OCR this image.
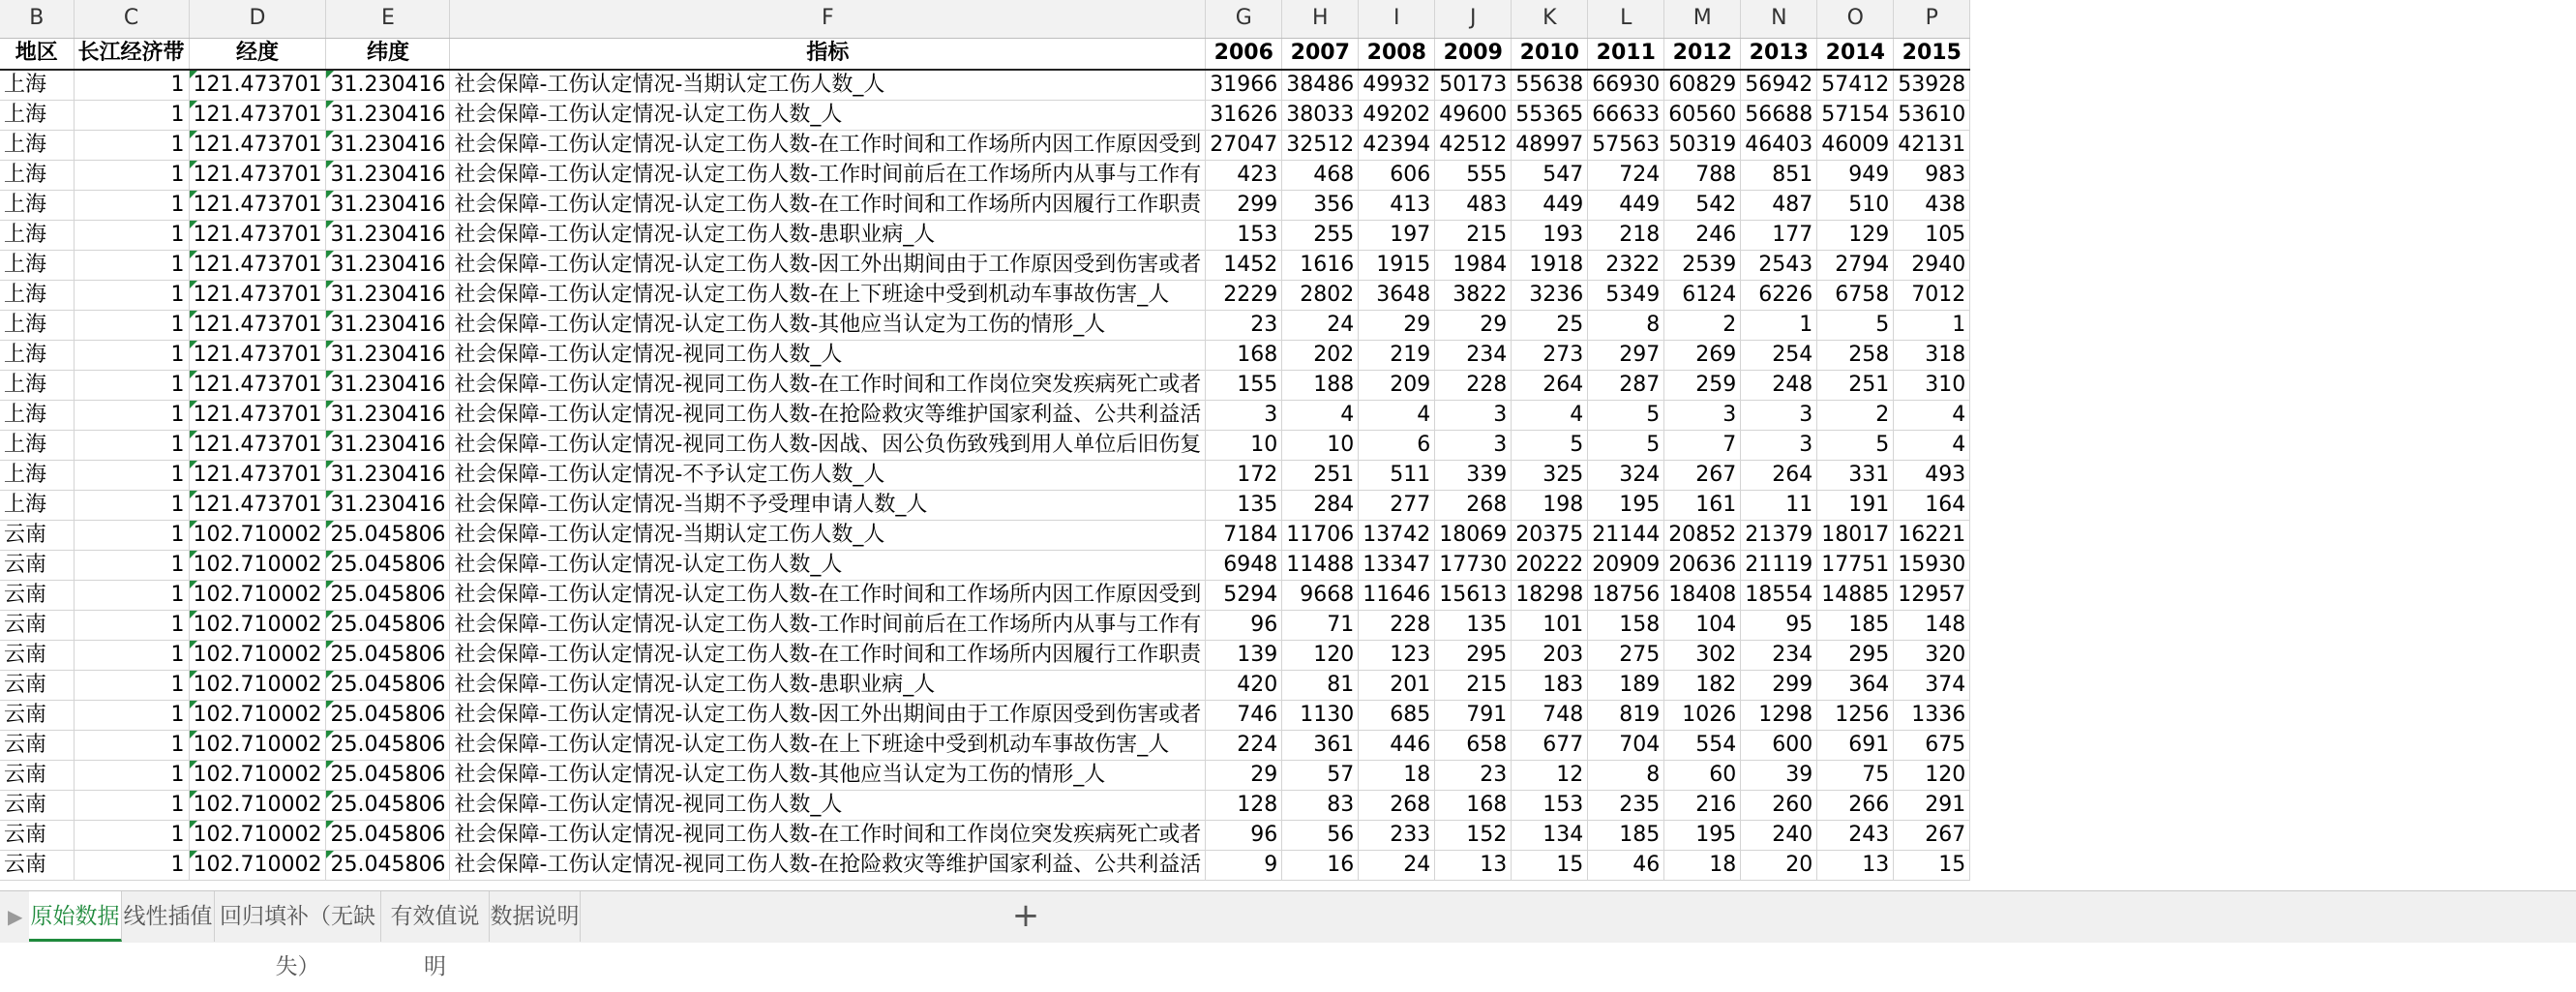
B	C	D	E	F	G	H	I	J	K	L	M	N	O	P
地区	长江经济带	经度	纬度	指标	2006	2007	2008	2009	2010	2011	2012	2013	2014	2015
上海	1	121.473701	31.230416	社会保障-工伤认定情况-当期认定工伤人数_人	31966	38486	49932	50173	55638	66930	60829	56942	57412	53928
上海	1	121.473701	31.230416	社会保障-工伤认定情况-认定工伤人数_人	31626	38033	49202	49600	55365	66633	60560	56688	57154	53610
上海	1	121.473701	31.230416	社会保障-工伤认定情况-认定工伤人数-在工作时间和工作场所内因工作原因受到	27047	32512	42394	42512	48997	57563	50319	46403	46009	42131
上海	1	121.473701	31.230416	社会保障-工伤认定情况-认定工伤人数-工作时间前后在工作场所内从事与工作有	423	468	606	555	547	724	788	851	949	983
上海	1	121.473701	31.230416	社会保障-工伤认定情况-认定工伤人数-在工作时间和工作场所内因履行工作职责	299	356	413	483	449	449	542	487	510	438
上海	1	121.473701	31.230416	社会保障-工伤认定情况-认定工伤人数-患职业病_人	153	255	197	215	193	218	246	177	129	105
上海	1	121.473701	31.230416	社会保障-工伤认定情况-认定工伤人数-因工外出期间由于工作原因受到伤害或者	1452	1616	1915	1984	1918	2322	2539	2543	2794	2940
上海	1	121.473701	31.230416	社会保障-工伤认定情况-认定工伤人数-在上下班途中受到机动车事故伤害_人	2229	2802	3648	3822	3236	5349	6124	6226	6758	7012
上海	1	121.473701	31.230416	社会保障-工伤认定情况-认定工伤人数-其他应当认定为工伤的情形_人	23	24	29	29	25	8	2	1	5	1
上海	1	121.473701	31.230416	社会保障-工伤认定情况-视同工伤人数_人	168	202	219	234	273	297	269	254	258	318
上海	1	121.473701	31.230416	社会保障-工伤认定情况-视同工伤人数-在工作时间和工作岗位突发疾病死亡或者	155	188	209	228	264	287	259	248	251	310
上海	1	121.473701	31.230416	社会保障-工伤认定情况-视同工伤人数-在抢险救灾等维护国家利益、公共利益活	3	4	4	3	4	5	3	3	2	4
上海	1	121.473701	31.230416	社会保障-工伤认定情况-视同工伤人数-因战、因公负伤致残到用人单位后旧伤复	10	10	6	3	5	5	7	3	5	4
上海	1	121.473701	31.230416	社会保障-工伤认定情况-不予认定工伤人数_人	172	251	511	339	325	324	267	264	331	493
上海	1	121.473701	31.230416	社会保障-工伤认定情况-当期不予受理申请人数_人	135	284	277	268	198	195	161	11	191	164
云南	1	102.710002	25.045806	社会保障-工伤认定情况-当期认定工伤人数_人	7184	11706	13742	18069	20375	21144	20852	21379	18017	16221
云南	1	102.710002	25.045806	社会保障-工伤认定情况-认定工伤人数_人	6948	11488	13347	17730	20222	20909	20636	21119	17751	15930
云南	1	102.710002	25.045806	社会保障-工伤认定情况-认定工伤人数-在工作时间和工作场所内因工作原因受到	5294	9668	11646	15613	18298	18756	18408	18554	14885	12957
云南	1	102.710002	25.045806	社会保障-工伤认定情况-认定工伤人数-工作时间前后在工作场所内从事与工作有	96	71	228	135	101	158	104	95	185	148
云南	1	102.710002	25.045806	社会保障-工伤认定情况-认定工伤人数-在工作时间和工作场所内因履行工作职责	139	120	123	295	203	275	302	234	295	320
云南	1	102.710002	25.045806	社会保障-工伤认定情况-认定工伤人数-患职业病_人	420	81	201	215	183	189	182	299	364	374
云南	1	102.710002	25.045806	社会保障-工伤认定情况-认定工伤人数-因工外出期间由于工作原因受到伤害或者	746	1130	685	791	748	819	1026	1298	1256	1336
云南	1	102.710002	25.045806	社会保障-工伤认定情况-认定工伤人数-在上下班途中受到机动车事故伤害_人	224	361	446	658	677	704	554	600	691	675
云南	1	102.710002	25.045806	社会保障-工伤认定情况-认定工伤人数-其他应当认定为工伤的情形_人	29	57	18	23	12	8	60	39	75	120
云南	1	102.710002	25.045806	社会保障-工伤认定情况-视同工伤人数_人	128	83	268	168	153	235	216	260	266	291
云南	1	102.710002	25.045806	社会保障-工伤认定情况-视同工伤人数-在工作时间和工作岗位突发疾病死亡或者	96	56	233	152	134	185	195	240	243	267
云南	1	102.710002	25.045806	社会保障-工伤认定情况-视同工伤人数-在抢险救灾等维护国家利益、公共利益活	9	16	24	13	15	46	18	20	13	15
▶ 原始数据 线性插值 回归填补（无缺失）
有效值说明
数据说明	+
